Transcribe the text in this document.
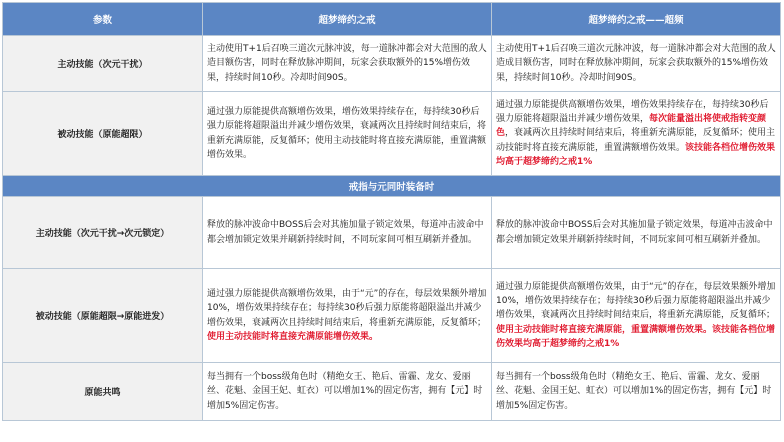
参数	超梦缔约之戒	超梦缔约之戒——超频
主动技能（次元干扰）	主动使用T+1后召唤三道次元脉冲波，每一道脉冲都会对大范围的敌人造目额伤害，同时在释放脉冲期间，玩家会获取额外的15%增伤效果，持续时间10秒。冷却时间90S。	主动使用T+1后召唤三道次元脉冲波，每一道脉冲都会对大范围的敌人造成目额伤害，同时在释放脉冲期间，玩家会获取额外的15%增伤效果，持续时间10秒。冷却时间90S。
被动技能（原能超限）	通过强力原能提供高额增伤效果，增伤效果持续存在，每持续30秒后强力原能将超限溢出并减少增伤效果，衰减两次且持续时间结束后，将重新充满原能，反复循环；使用主动技能时将直接充满原能，重置满额增伤效果。	通过强力原能提供高额增伤效果，增伤效果持续存在，每持续30秒后强力原能将超限溢出并减少增伤效果，每次能量溢出将使戒指转变颜色，衰减两次且持续时间结束后，将重新充满原能，反复循环；使用主动技能时将直接充满原能，重置满额增伤效果。该技能各档位增伤效果均高于超梦缔约之戒1%
戒指与元同时装备时		
主动技能（次元干扰→次元锁定）	释放的脉冲波命中BOSS后会对其施加量子锁定效果，每道冲击波命中都会增加锁定效果并刷新持续时间，不同玩家间可相互刷新并叠加。	释放的脉冲波命中BOSS后会对其施加量子锁定效果，每道冲击波命中都会增加锁定效果并刷新持续时间，不同玩家间可相互刷新并叠加。
被动技能（原能超限→原能进发）	通过强力原能提供高额增伤效果，由于“元”的存在，每层效果额外增加10%，增伤效果持续存在；每持续30秒后强力原能将超限溢出并减少增伤效果，衰减两次且持续时间结束后，将重新充满原能，反复循环；使用主动技能时将直接充满原能增伤效果。	通过强力原能提供高额增伤效果，由于“元”的存在，每层效果额外增加10%，增伤效果持续存在；每持续30秒后强力原能将超限溢出并减少增伤效果，衰减两次且持续时间结束后，将重新充满原能，反复循环；使用主动技能时将直接充满原能，重置满额增伤效果。该技能各档位增伤效果均高于超梦缔约之戒1%
原能共鸣	每当拥有一个boss级角色时（精绝女王、艳后、雷霾、龙女、爱丽丝、花魁、金国王妃、虹衣）可以增加1%的固定伤害，拥有【元】时增加5%固定伤害。	每当拥有一个boss级角色时（精绝女王、艳后、雷霾、龙女、爱丽丝、花魁、金国王妃、虹衣）可以增加1%的固定伤害，拥有【元】时增加5%固定伤害。
